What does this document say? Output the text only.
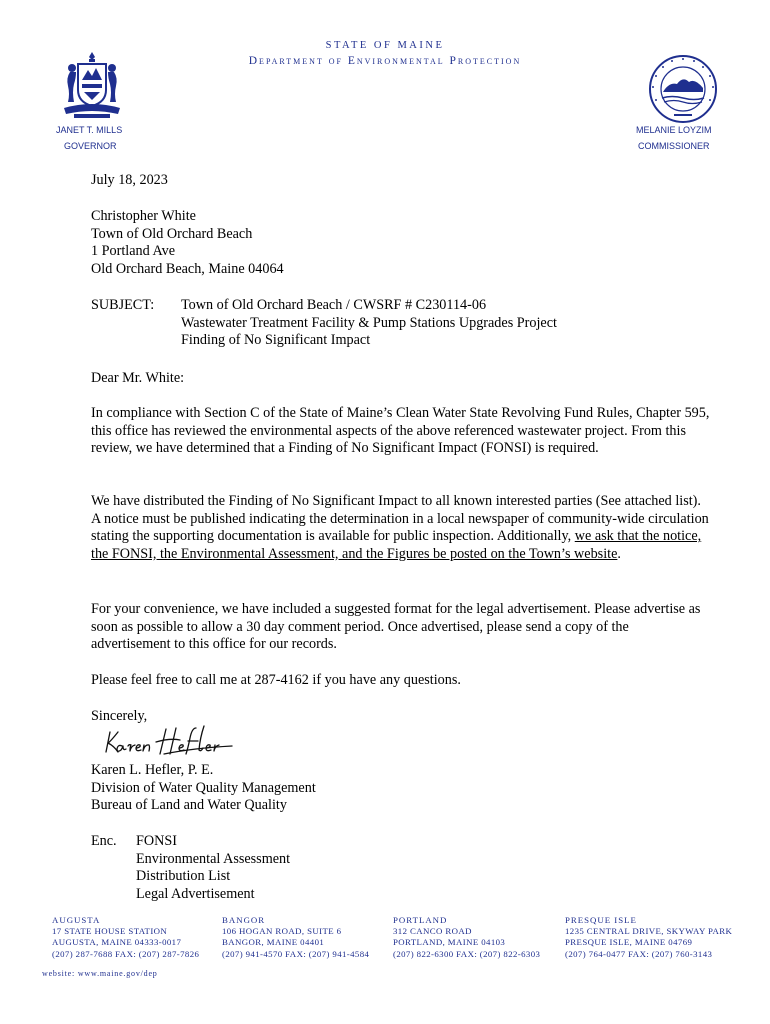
STATE OF MAINE
Department of Environmental Protection
JANET T. MILLS
GOVERNOR
MELANIE LOYZIM
COMMISSIONER
July 18, 2023
Christopher White
Town of Old Orchard Beach
1 Portland Ave
Old Orchard Beach, Maine 04064
SUBJECT: Town of Old Orchard Beach / CWSRF # C230114-06
Wastewater Treatment Facility & Pump Stations Upgrades Project
Finding of No Significant Impact
Dear Mr. White:
In compliance with Section C of the State of Maine’s Clean Water State Revolving Fund Rules, Chapter 595, this office has reviewed the environmental aspects of the above referenced wastewater project. From this review, we have determined that a Finding of No Significant Impact (FONSI) is required.
We have distributed the Finding of No Significant Impact to all known interested parties (See attached list). A notice must be published indicating the determination in a local newspaper of community-wide circulation stating the supporting documentation is available for public inspection. Additionally, we ask that the notice, the FONSI, the Environmental Assessment, and the Figures be posted on the Town’s website.
For your convenience, we have included a suggested format for the legal advertisement. Please advertise as soon as possible to allow a 30 day comment period. Once advertised, please send a copy of the advertisement to this office for our records.
Please feel free to call me at 287-4162 if you have any questions.
Sincerely,
Karen L. Hefler, P. E.
Division of Water Quality Management
Bureau of Land and Water Quality
Enc. FONSI
Environmental Assessment
Distribution List
Legal Advertisement
AUGUSTA
17 STATE HOUSE STATION
AUGUSTA, MAINE 04333-0017
(207) 287-7688 FAX: (207) 287-7826
BANGOR
106 HOGAN ROAD, SUITE 6
BANGOR, MAINE 04401
(207) 941-4570 FAX: (207) 941-4584
PORTLAND
312 CANCO ROAD
PORTLAND, MAINE 04103
(207) 822-6300 FAX: (207) 822-6303
PRESQUE ISLE
1235 CENTRAL DRIVE, SKYWAY PARK
PRESQUE ISLE, MAINE 04769
(207) 764-0477 FAX: (207) 760-3143
website: www.maine.gov/dep
